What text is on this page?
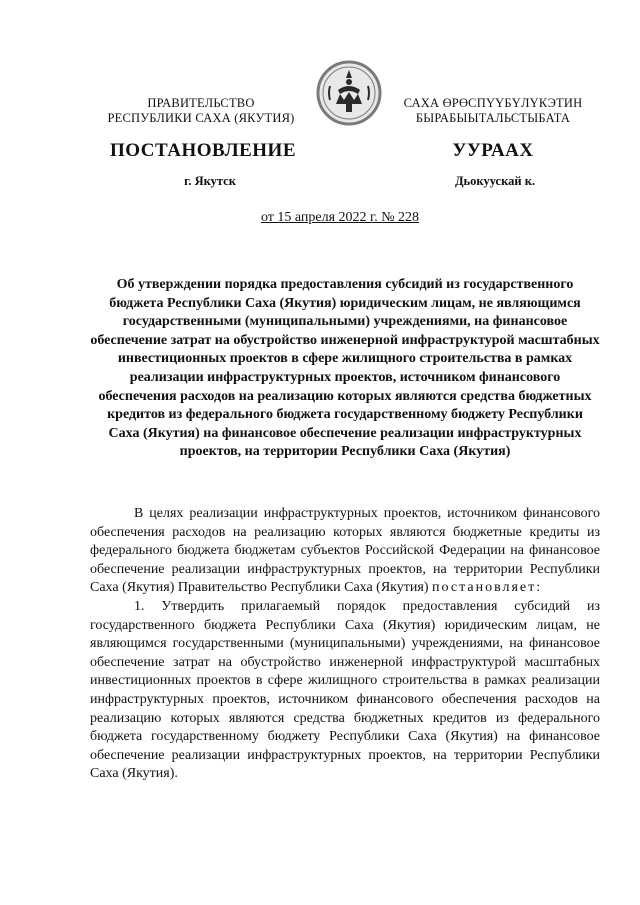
ПРАВИТЕЛЬСТВО
РЕСПУБЛИКИ САХА (ЯКУТИЯ)
САХА ӨРӨСПҮҮБҮЛҮКЭТИН
БЫРАБЫЫТАЛЬСТЫБАТА
ПОСТАНОВЛЕНИЕ	УУРААХ
г. Якутск	Дьокуускай к.
от 15 апреля 2022 г. № 228
Об утверждении порядка предоставления субсидий из государственного бюджета Республики Саха (Якутия) юридическим лицам, не являющимся государственными (муниципальными) учреждениями, на финансовое обеспечение затрат на обустройство инженерной инфраструктурой масштабных инвестиционных проектов в сфере жилищного строительства в рамках реализации инфраструктурных проектов, источником финансового обеспечения расходов на реализацию которых являются средства бюджетных кредитов из федерального бюджета государственному бюджету Республики Саха (Якутия) на финансовое обеспечение реализации инфраструктурных проектов, на территории Республики Саха (Якутия)

В целях реализации инфраструктурных проектов, источником финансового обеспечения расходов на реализацию которых являются бюджетные кредиты из федерального бюджета бюджетам субъектов Российской Федерации на финансовое обеспечение реализации инфраструктурных проектов, на территории Республики Саха (Якутия) Правительство Республики Саха (Якутия) постановляет:

1. Утвердить прилагаемый порядок предоставления субсидий из государственного бюджета Республики Саха (Якутия) юридическим лицам, не являющимся государственными (муниципальными) учреждениями, на финансовое обеспечение затрат на обустройство инженерной инфраструктурой масштабных инвестиционных проектов в сфере жилищного строительства в рамках реализации инфраструктурных проектов, источником финансового обеспечения расходов на реализацию которых являются средства бюджетных кредитов из федерального бюджета государственному бюджету Республики Саха (Якутия) на финансовое обеспечение реализации инфраструктурных проектов, на территории Республики Саха (Якутия).
